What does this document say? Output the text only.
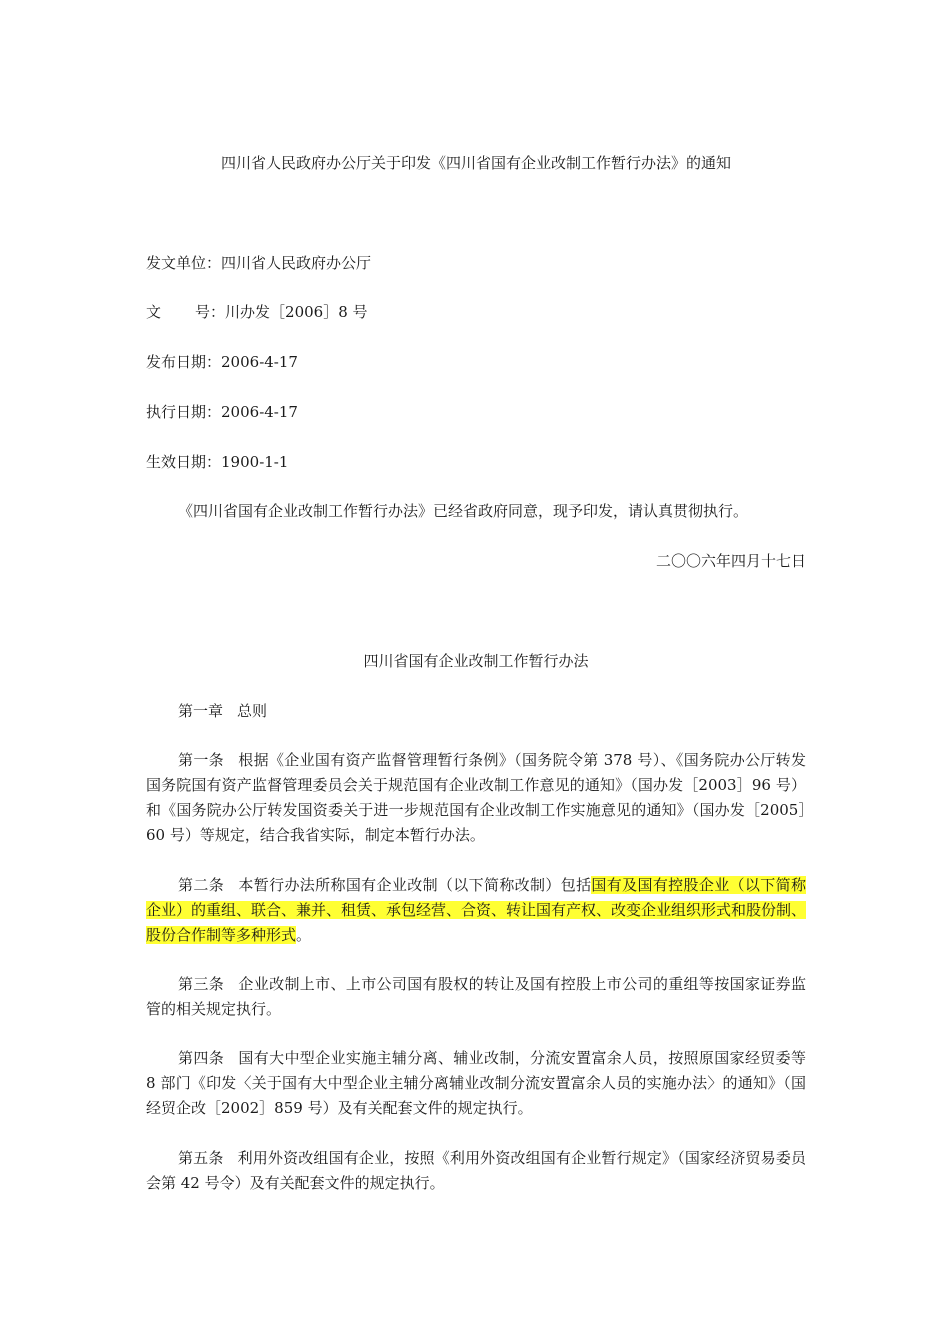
四川省人民政府办公厅关于印发《四川省国有企业改制工作暂行办法》的通知
发文单位：四川省人民政府办公厅
文 号：川办发［2006］8 号
发布日期：2006-4-17
执行日期：2006-4-17
生效日期：1900-1-1
《四川省国有企业改制工作暂行办法》已经省政府同意，现予印发，请认真贯彻执行。
二〇〇六年四月十七日
四川省国有企业改制工作暂行办法
第一章 总则
第一条 根据《企业国有资产监督管理暂行条例》（国务院令第 378 号）、《国务院办公厅转发国务院国有资产监督管理委员会关于规范国有企业改制工作意见的通知》（国办发［2003］96 号）和《国务院办公厅转发国资委关于进一步规范国有企业改制工作实施意见的通知》（国办发［2005］60 号）等规定，结合我省实际，制定本暂行办法。
第二条 本暂行办法所称国有企业改制（以下简称改制）包括国有及国有控股企业（以下简称企业）的重组、联合、兼并、租赁、承包经营、合资、转让国有产权、改变企业组织形式和股份制、股份合作制等多种形式。
第三条 企业改制上市、上市公司国有股权的转让及国有控股上市公司的重组等按国家证券监管的相关规定执行。
第四条 国有大中型企业实施主辅分离、辅业改制，分流安置富余人员，按照原国家经贸委等 8 部门《印发〈关于国有大中型企业主辅分离辅业改制分流安置富余人员的实施办法〉的通知》（国经贸企改［2002］859 号）及有关配套文件的规定执行。
第五条 利用外资改组国有企业，按照《利用外资改组国有企业暂行规定》（国家经济贸易委员会第 42 号令）及有关配套文件的规定执行。
